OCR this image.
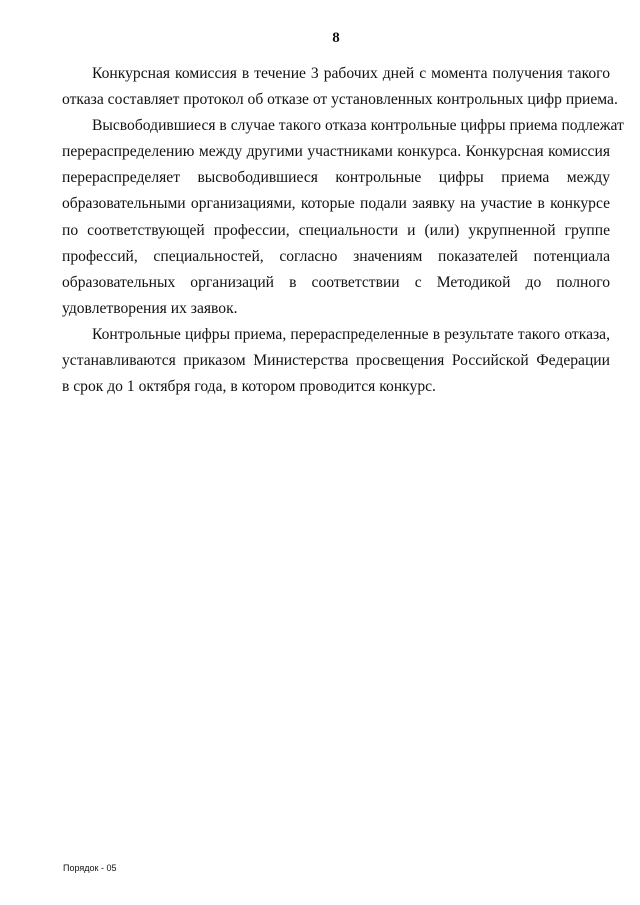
8
Конкурсная комиссия в течение 3 рабочих дней с момента получения такого
отказа составляет протокол об отказе от установленных контрольных цифр приема.
Высвободившиеся в случае такого отказа контрольные цифры приема подлежат
перераспределению между другими участниками конкурса. Конкурсная комиссия
перераспределяет высвободившиеся контрольные цифры приема между
образовательными организациями, которые подали заявку на участие в конкурсе
по соответствующей профессии, специальности и (или) укрупненной группе
профессий, специальностей, согласно значениям показателей потенциала
образовательных организаций в соответствии с Методикой до полного
удовлетворения их заявок.
Контрольные цифры приема, перераспределенные в результате такого отказа,
устанавливаются приказом Министерства просвещения Российской Федерации
в срок до 1 октября года, в котором проводится конкурс.
Порядок - 05
